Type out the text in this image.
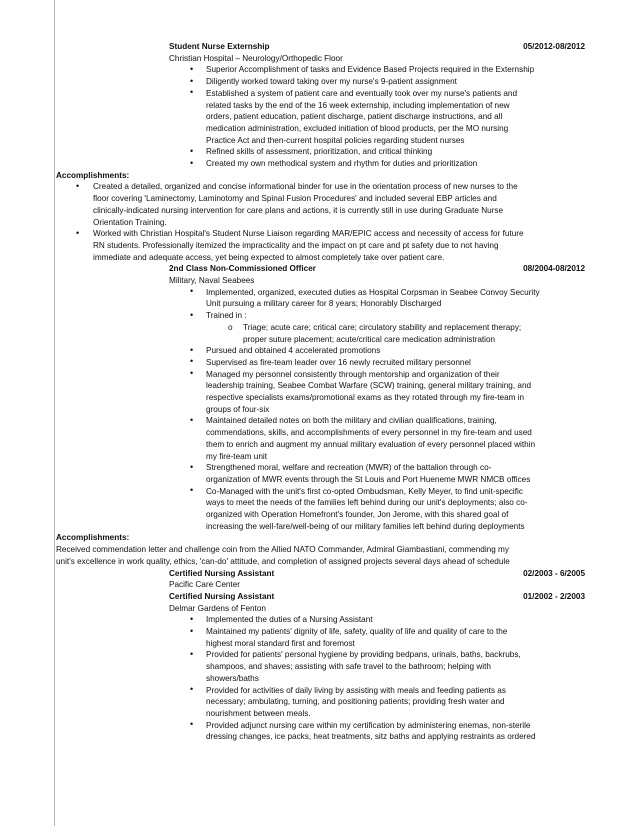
Student Nurse Externship	05/2012-08/2012
Christian Hospital – Neurology/Orthopedic Floor
• Superior Accomplishment of tasks and Evidence Based Projects required in the Externship
• Diligently worked toward taking over my nurse's 9-patient assignment
• Established a system of patient care and eventually took over my nurse's patients and
related tasks by the end of the 16 week externship, including implementation of new
orders, patient education, patient discharge, patient discharge instructions, and all
medication administration, excluded initiation of blood products, per the MO nursing
Practice Act and then-current hospital policies regarding student nurses
• Refined skills of assessment, prioritization, and critical thinking
• Created my own methodical system and rhythm for duties and prioritization
Accomplishments:
• Created a detailed, organized and concise informational binder for use in the orientation process of new nurses to the
floor covering 'Laminectomy, Laminotomy and Spinal Fusion Procedures' and included several EBP articles and
clinically-indicated nursing intervention for care plans and actions, it is currently still in use during Graduate Nurse
Orientation Training.
• Worked with Christian Hospital's Student Nurse Liaison regarding MAR/EPIC access and necessity of access for future
RN students. Professionally itemized the impracticality and the impact on pt care and pt safety due to not having
immediate and adequate access, yet being expected to almost completely take over patient care.
2nd Class Non-Commissioned Officer	08/2004-08/2012
Military, Naval Seabees
• Implemented, organized, executed duties as Hospital Corpsman in Seabee Convoy Security
Unit pursuing a military career for 8 years; Honorably Discharged
• Trained in :
o Triage; acute care; critical care; circulatory stability and replacement therapy;
proper suture placement; acute/critical care medication administration
• Pursued and obtained 4 accelerated promotions
• Supervised as fire-team leader over 16 newly recruited military personnel
• Managed my personnel consistently through mentorship and organization of their
leadership training, Seabee Combat Warfare (SCW) training, general military training, and
respective specialists exams/promotional exams as they rotated through my fire-team in
groups of four-six
• Maintained detailed notes on both the military and civilian qualifications, training,
commendations, skills, and accomplishments of every personnel in my fire-team and used
them to enrich and augment my annual military evaluation of every personnel placed within
my fire-team unit
• Strengthened moral, welfare and recreation (MWR) of the battalion through co-
organization of MWR events through the St Louis and Port Hueneme MWR NMCB offices
• Co-Managed with the unit's first co-opted Ombudsman, Kelly Meyer, to find unit-specific
ways to meet the needs of the families left behind during our unit's deployments; also co-
organized with Operation Homefront's founder, Jon Jerome, with this shared goal of
increasing the well-fare/well-being of our military families left behind during deployments
Accomplishments:
Received commendation letter and challenge coin from the Allied NATO Commander, Admiral Giambastiani, commending my
unit's excellence in work quality, ethics, 'can-do' attitude, and completion of assigned projects several days ahead of schedule
Certified Nursing Assistant	02/2003 - 6/2005
Pacific Care Center
Certified Nursing Assistant	01/2002 - 2/2003
Delmar Gardens of Fenton
• Implemented the duties of a Nursing Assistant
• Maintained my patients' dignity of life, safety, quality of life and quality of care to the
highest moral standard first and foremost
• Provided for patients' personal hygiene by providing bedpans, urinals, baths, backrubs,
shampoos, and shaves; assisting with safe travel to the bathroom; helping with
showers/baths
• Provided for activities of daily living by assisting with meals and feeding patients as
necessary; ambulating, turning, and positioning patients; providing fresh water and
nourishment between meals.
• Provided adjunct nursing care within my certification by administering enemas, non-sterile
dressing changes, ice packs, heat treatments, sitz baths and applying restraints as ordered
